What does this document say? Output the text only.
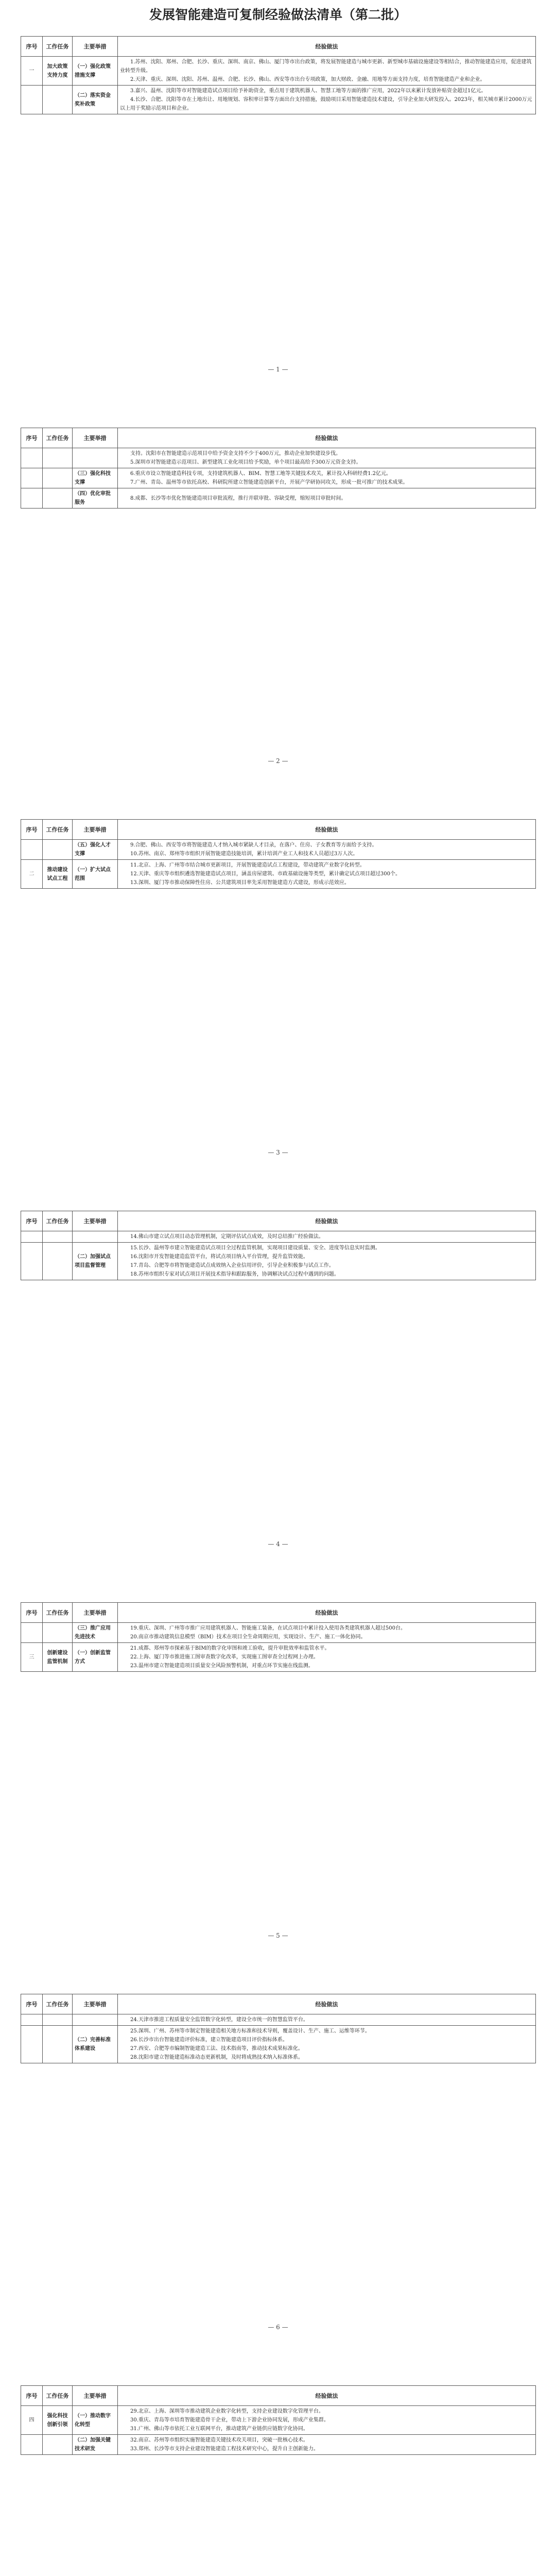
发展智能建造可复制经验做法清单（第二批）
序号	工作任务	主要举措	经验做法
一	加大政策支持力度	（一）强化政策措施支撑	1.苏州、沈阳、郑州、合肥、长沙、重庆、深圳、南京、佛山、厦门等市出台政策，将发展智能建造与城市更新、新型城市基础设施建设等相结合，推动智能建造应用，促进建筑业转型升级。

2.天津、重庆、深圳、沈阳、苏州、温州、合肥、长沙、佛山、西安等市出台专项政策，加大财政、金融、用地等方面支持力度，培育智能建造产业和企业。

		（二）落实资金奖补政策	3.嘉兴、温州、沈阳等市对智能建造试点项目给予补助资金，重点用于建筑机器人、智慧工地等方面的推广应用，2022年以来累计发放补贴资金超过1亿元。

4.长沙、合肥、沈阳等市在土地出让、用地规划、容积率计算等方面出台支持措施，鼓励项目采用智能建造技术建设，引导企业加大研发投入。2023年，相关城市累计2000万元以上用于奖励示范项目和企业。

— 1 —
序号	工作任务	主要举措	经验做法

			支持。沈阳市在智能建造示范项目中给予资金支持不少于400万元，推动企业加快建设步伐。

5.深圳市对智能建造示范项目、新型建筑工业化项目给予奖励，单个项目最高给予300万元资金支持。

		（三）强化科技支撑	6.重庆市设立智能建造科技专项，支持建筑机器人、BIM、智慧工地等关键技术攻关，累计投入科研经费1.2亿元。

7.广州、青岛、温州等市依托高校、科研院所建立智能建造创新平台，开展产学研协同攻关，形成一批可推广的技术成果。

		（四）优化审批服务	8.成都、长沙等市优化智能建造项目审批流程，推行并联审批、容缺受理，缩短项目审批时间。

— 2 —
序号	工作任务	主要举措	经验做法
		（五）强化人才支撑	9.合肥、佛山、西安等市将智能建造人才纳入城市紧缺人才目录，在落户、住房、子女教育等方面给予支持。

10.苏州、南京、郑州等市组织开展智能建造技能培训，累计培训产业工人和技术人员超过3万人次。

二	推动建设试点工程	（一）扩大试点范围	11.北京、上海、广州等市结合城市更新项目，开展智能建造试点工程建设，带动建筑产业数字化转型。

12.天津、重庆等市组织遴选智能建造试点项目，涵盖房屋建筑、市政基础设施等类型，累计确定试点项目超过300个。

13.深圳、厦门等市推动保障性住房、公共建筑项目率先采用智能建造方式建设，形成示范效应。

— 3 —
序号	工作任务	主要举措	经验做法

			14.佛山市建立试点项目动态管理机制，定期评估试点成效，及时总结推广经验做法。

		（二）加强试点项目监督管理	15.长沙、温州等市建立智能建造试点项目全过程监管机制，实现项目建设质量、安全、进度等信息实时监测。

16.沈阳市开发智能建造监管平台，将试点项目纳入平台管理，提升监管效能。

17.青岛、合肥等市将智能建造试点成效纳入企业信用评价，引导企业积极参与试点工作。

18.苏州市组织专家对试点项目开展技术指导和跟踪服务，协调解决试点过程中遇到的问题。

— 4 —
序号	工作任务	主要举措	经验做法
		（三）推广应用先进技术	19.重庆、深圳、广州等市推广应用建筑机器人、智能施工装备，在试点项目中累计投入使用各类建筑机器人超过500台。

20.南京市推动建筑信息模型（BIM）技术在项目全生命周期应用，实现设计、生产、施工一体化协同。

三	创新建设监管机制	（一）创新监管方式	21.成都、郑州等市探索基于BIM的数字化审图和竣工验收，提升审批效率和监管水平。

22.上海、厦门等市推进施工图审查数字化改革，实现施工图审查全过程网上办理。

23.温州市建立智能建造项目质量安全风险预警机制，对重点环节实施在线监测。

— 5 —
序号	工作任务	主要举措	经验做法

			24.天津市推进工程质量安全监管数字化转型，建设全市统一的智慧监管平台。

		（二）完善标准体系建设	25.深圳、广州、苏州等市制定智能建造相关地方标准和技术导则，覆盖设计、生产、施工、运维等环节。

26.长沙市出台智能建造评价标准，建立智能建造项目评价指标体系。

27.西安、合肥等市编制智能建造工法、技术指南等，推动技术成果标准化。

28.沈阳市建立智能建造标准动态更新机制，及时将成熟技术纳入标准体系。

— 6 —
序号	工作任务	主要举措	经验做法
四	强化科技创新引领	（一）推动数字化转型	29.北京、上海、深圳等市推动建筑企业数字化转型，支持企业建设数字化管理平台。

30.重庆、青岛等市培育智能建造骨干企业，带动上下游企业协同发展，形成产业集群。

31.广州、佛山等市依托工业互联网平台，推动建筑产业链供应链数字化协同。

		（二）加强关键技术研发	32.南京、苏州等市组织实施智能建造关键技术攻关项目，突破一批核心技术。

33.郑州、长沙等市支持企业建设智能建造工程技术研究中心，提升自主创新能力。
